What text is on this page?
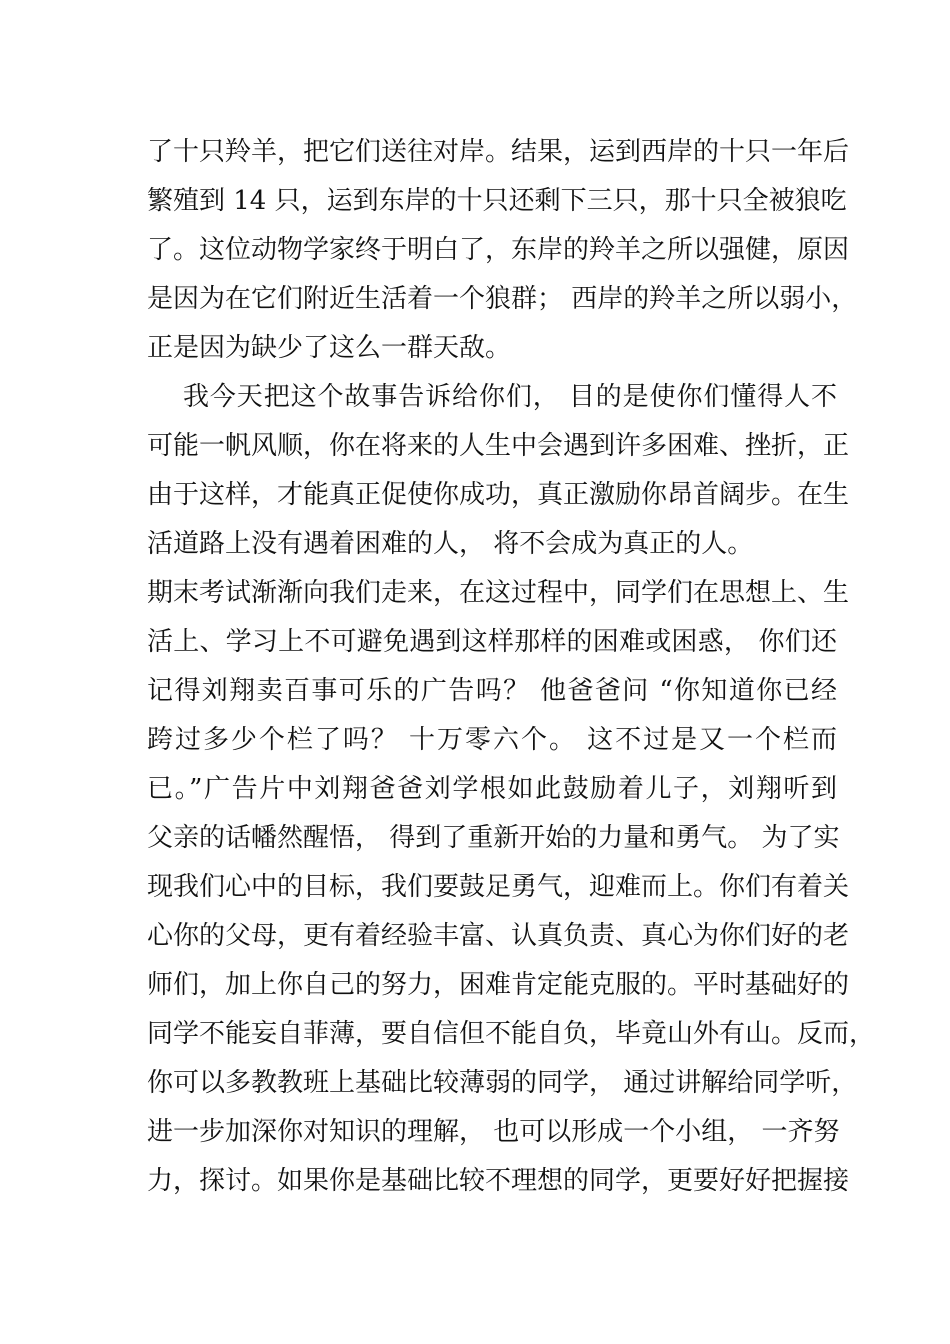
了十只羚羊，把它们送往对岸。结果，运到西岸的十只一年后
繁殖到 14 只，运到东岸的十只还剩下三只，那十只全被狼吃
了。这位动物学家终于明白了，东岸的羚羊之所以强健，原因
是因为在它们附近生活着一个狼群； 西岸的羚羊之所以弱小，
正是因为缺少了这么一群天敌。
我今天把这个故事告诉给你们， 目的是使你们懂得人不
可能一帆风顺，你在将来的人生中会遇到许多困难、挫折，正
由于这样，才能真正促使你成功，真正激励你昂首阔步。在生
活道路上没有遇着困难的人， 将不会成为真正的人。
期末考试渐渐向我们走来，在这过程中，同学们在思想上、生
活上、学习上不可避免遇到这样那样的困难或困惑， 你们还
记得刘翔卖百事可乐的广告吗？ 他爸爸问 “你知道你已经
跨过多少个栏了吗？ 十万零六个。 这不过是又一个栏而
已。”广告片中刘翔爸爸刘学根如此鼓励着儿子，刘翔听到
父亲的话幡然醒悟， 得到了重新开始的力量和勇气。 为了实
现我们心中的目标，我们要鼓足勇气，迎难而上。你们有着关
心你的父母，更有着经验丰富、认真负责、真心为你们好的老
师们，加上你自己的努力，困难肯定能克服的。平时基础好的
同学不能妄自菲薄，要自信但不能自负，毕竟山外有山。反而，
你可以多教教班上基础比较薄弱的同学， 通过讲解给同学听，
进一步加深你对知识的理解， 也可以形成一个小组， 一齐努
力，探讨。如果你是基础比较不理想的同学，更要好好把握接
